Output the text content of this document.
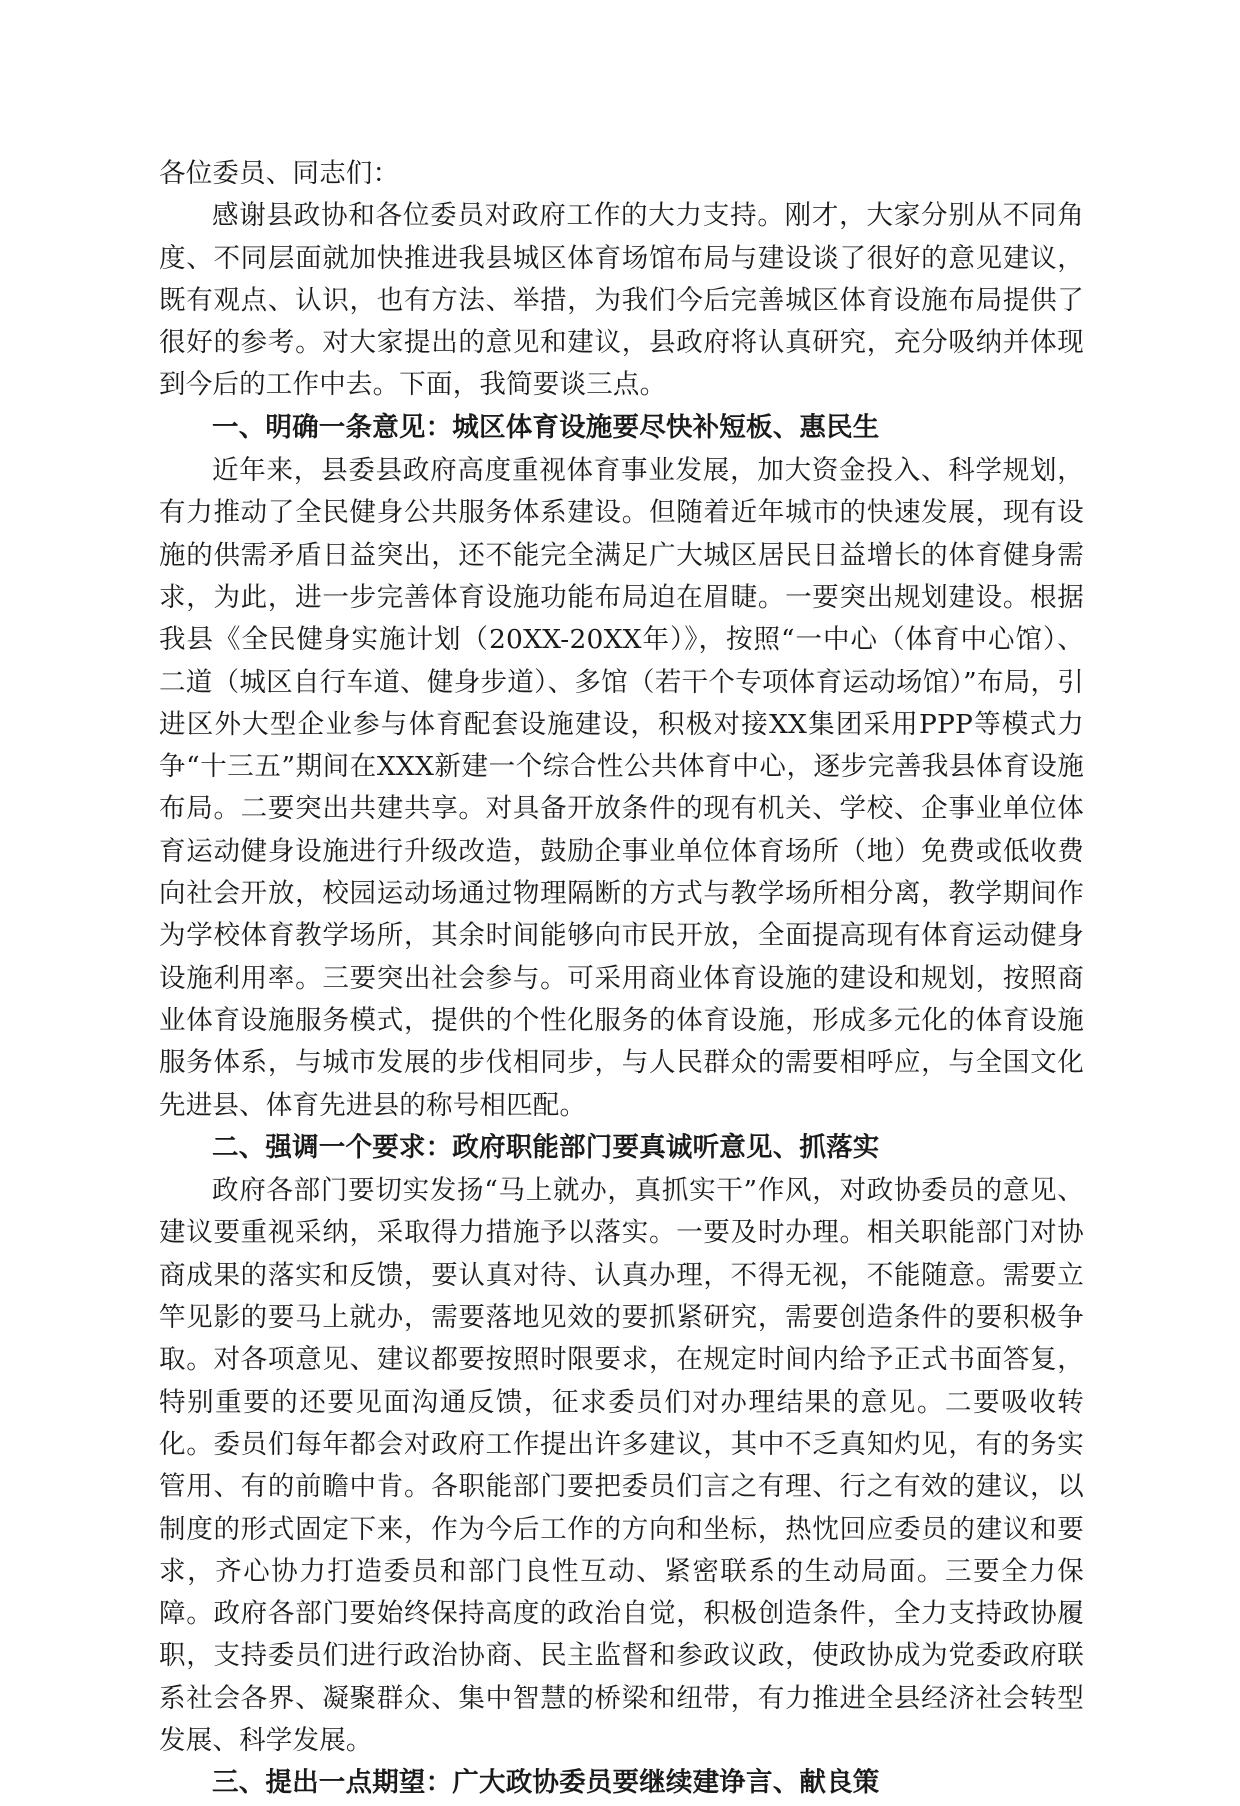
各位委员、同志们：

感谢县政协和各位委员对政府工作的大力支持。刚才，大家分别从不同角度、不同层面就加快推进我县城区体育场馆布局与建设谈了很好的意见建议，既有观点、认识，也有方法、举措，为我们今后完善城区体育设施布局提供了很好的参考。对大家提出的意见和建议，县政府将认真研究，充分吸纳并体现到今后的工作中去。下面，我简要谈三点。

一、明确一条意见：城区体育设施要尽快补短板、惠民生

近年来，县委县政府高度重视体育事业发展，加大资金投入、科学规划，有力推动了全民健身公共服务体系建设。但随着近年城市的快速发展，现有设施的供需矛盾日益突出，还不能完全满足广大城区居民日益增长的体育健身需求，为此，进一步完善体育设施功能布局迫在眉睫。一要突出规划建设。根据我县《全民健身实施计划（20XX-20XX年）》，按照“一中心（体育中心馆）、二道（城区自行车道、健身步道）、多馆（若干个专项体育运动场馆）”布局，引进区外大型企业参与体育配套设施建设，积极对接XX集团采用PPP等模式力争“十三五”期间在XXX新建一个综合性公共体育中心，逐步完善我县体育设施布局。二要突出共建共享。对具备开放条件的现有机关、学校、企事业单位体育运动健身设施进行升级改造，鼓励企事业单位体育场所（地）免费或低收费向社会开放，校园运动场通过物理隔断的方式与教学场所相分离，教学期间作为学校体育教学场所，其余时间能够向市民开放，全面提高现有体育运动健身设施利用率。三要突出社会参与。可采用商业体育设施的建设和规划，按照商业体育设施服务模式，提供的个性化服务的体育设施，形成多元化的体育设施服务体系，与城市发展的步伐相同步，与人民群众的需要相呼应，与全国文化先进县、体育先进县的称号相匹配。

二、强调一个要求：政府职能部门要真诚听意见、抓落实

政府各部门要切实发扬“马上就办，真抓实干”作风，对政协委员的意见、建议要重视采纳，采取得力措施予以落实。一要及时办理。相关职能部门对协商成果的落实和反馈，要认真对待、认真办理，不得无视，不能随意。需要立竿见影的要马上就办，需要落地见效的要抓紧研究，需要创造条件的要积极争取。对各项意见、建议都要按照时限要求，在规定时间内给予正式书面答复，特别重要的还要见面沟通反馈，征求委员们对办理结果的意见。二要吸收转化。委员们每年都会对政府工作提出许多建议，其中不乏真知灼见，有的务实管用、有的前瞻中肯。各职能部门要把委员们言之有理、行之有效的建议，以制度的形式固定下来，作为今后工作的方向和坐标，热忱回应委员的建议和要求，齐心协力打造委员和部门良性互动、紧密联系的生动局面。三要全力保障。政府各部门要始终保持高度的政治自觉，积极创造条件，全力支持政协履职，支持委员们进行政治协商、民主监督和参政议政，使政协成为党委政府联系社会各界、凝聚群众、集中智慧的桥梁和纽带，有力推进全县经济社会转型发展、科学发展。

三、提出一点期望：广大政协委员要继续建诤言、献良策
